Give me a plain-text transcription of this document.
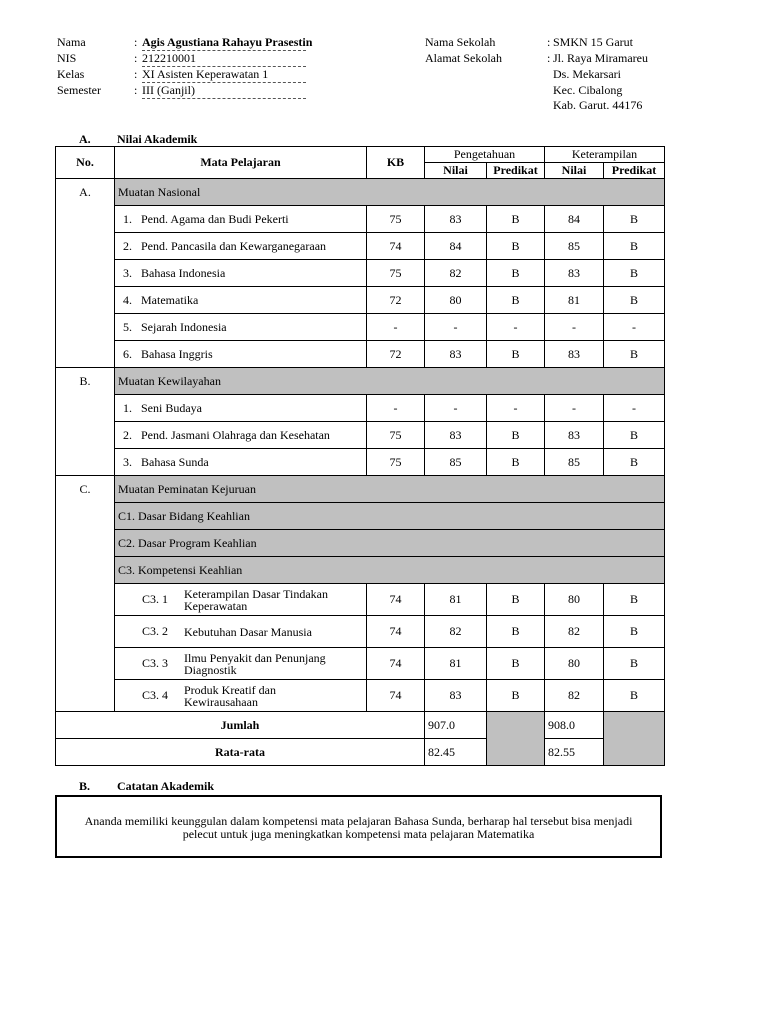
Nama	: Agis Agustiana Rahayu Prasestin
NIS	: 212210001
Kelas	: XI Asisten Keperawatan 1
Semester	: III (Ganjil)
Nama Sekolah	: SMKN 15 Garut
Alamat Sekolah	: Jl. Raya Miramareu
Ds. Mekarsari
Kec. Cibalong
Kab. Garut. 44176
A. Nilai Akademik
No.	Mata Pelajaran	KB	Pengetahuan		Keterampilan	
			Nilai	Predikat	Nilai	Predikat
A.	Muatan Nasional					

	1. Pend. Agama dan Budi Pekerti	75	83	B	84	B

	2. Pend. Pancasila dan Kewarganegaraan	74	84	B	85	B

	3. Bahasa Indonesia	75	82	B	83	B

	4. Matematika	72	80	B	81	B

	5. Sejarah Indonesia	-	-	-	-	-

	6. Bahasa Inggris	72	83	B	83	B
B.	Muatan Kewilayahan					

	1. Seni Budaya	-	-	-	-	-

	2. Pend. Jasmani Olahraga dan Kesehatan	75	83	B	83	B

	3. Bahasa Sunda	75	85	B	85	B
C.	Muatan Peminatan Kejuruan					
	C1. Dasar Bidang Keahlian					
	C2. Dasar Program Keahlian					
	C3. Kompetensi Keahlian					

	C3. 1 Keterampilan Dasar Tindakan Keperawatan	74	81	B	80	B

	C3. 2 Kebutuhan Dasar Manusia	74	82	B	82	B

	C3. 3 Ilmu Penyakit dan Penunjang Diagnostik	74	81	B	80	B

	C3. 4 Produk Kreatif dan Kewirausahaan	74	83	B	82	B
Jumlah			907.0		908.0	
Rata-rata			82.45		82.55	
B. Catatan Akademik
Ananda memiliki keunggulan dalam kompetensi mata pelajaran Bahasa Sunda, berharap hal tersebut bisa menjadi pelecut untuk juga meningkatkan kompetensi mata pelajaran Matematika
